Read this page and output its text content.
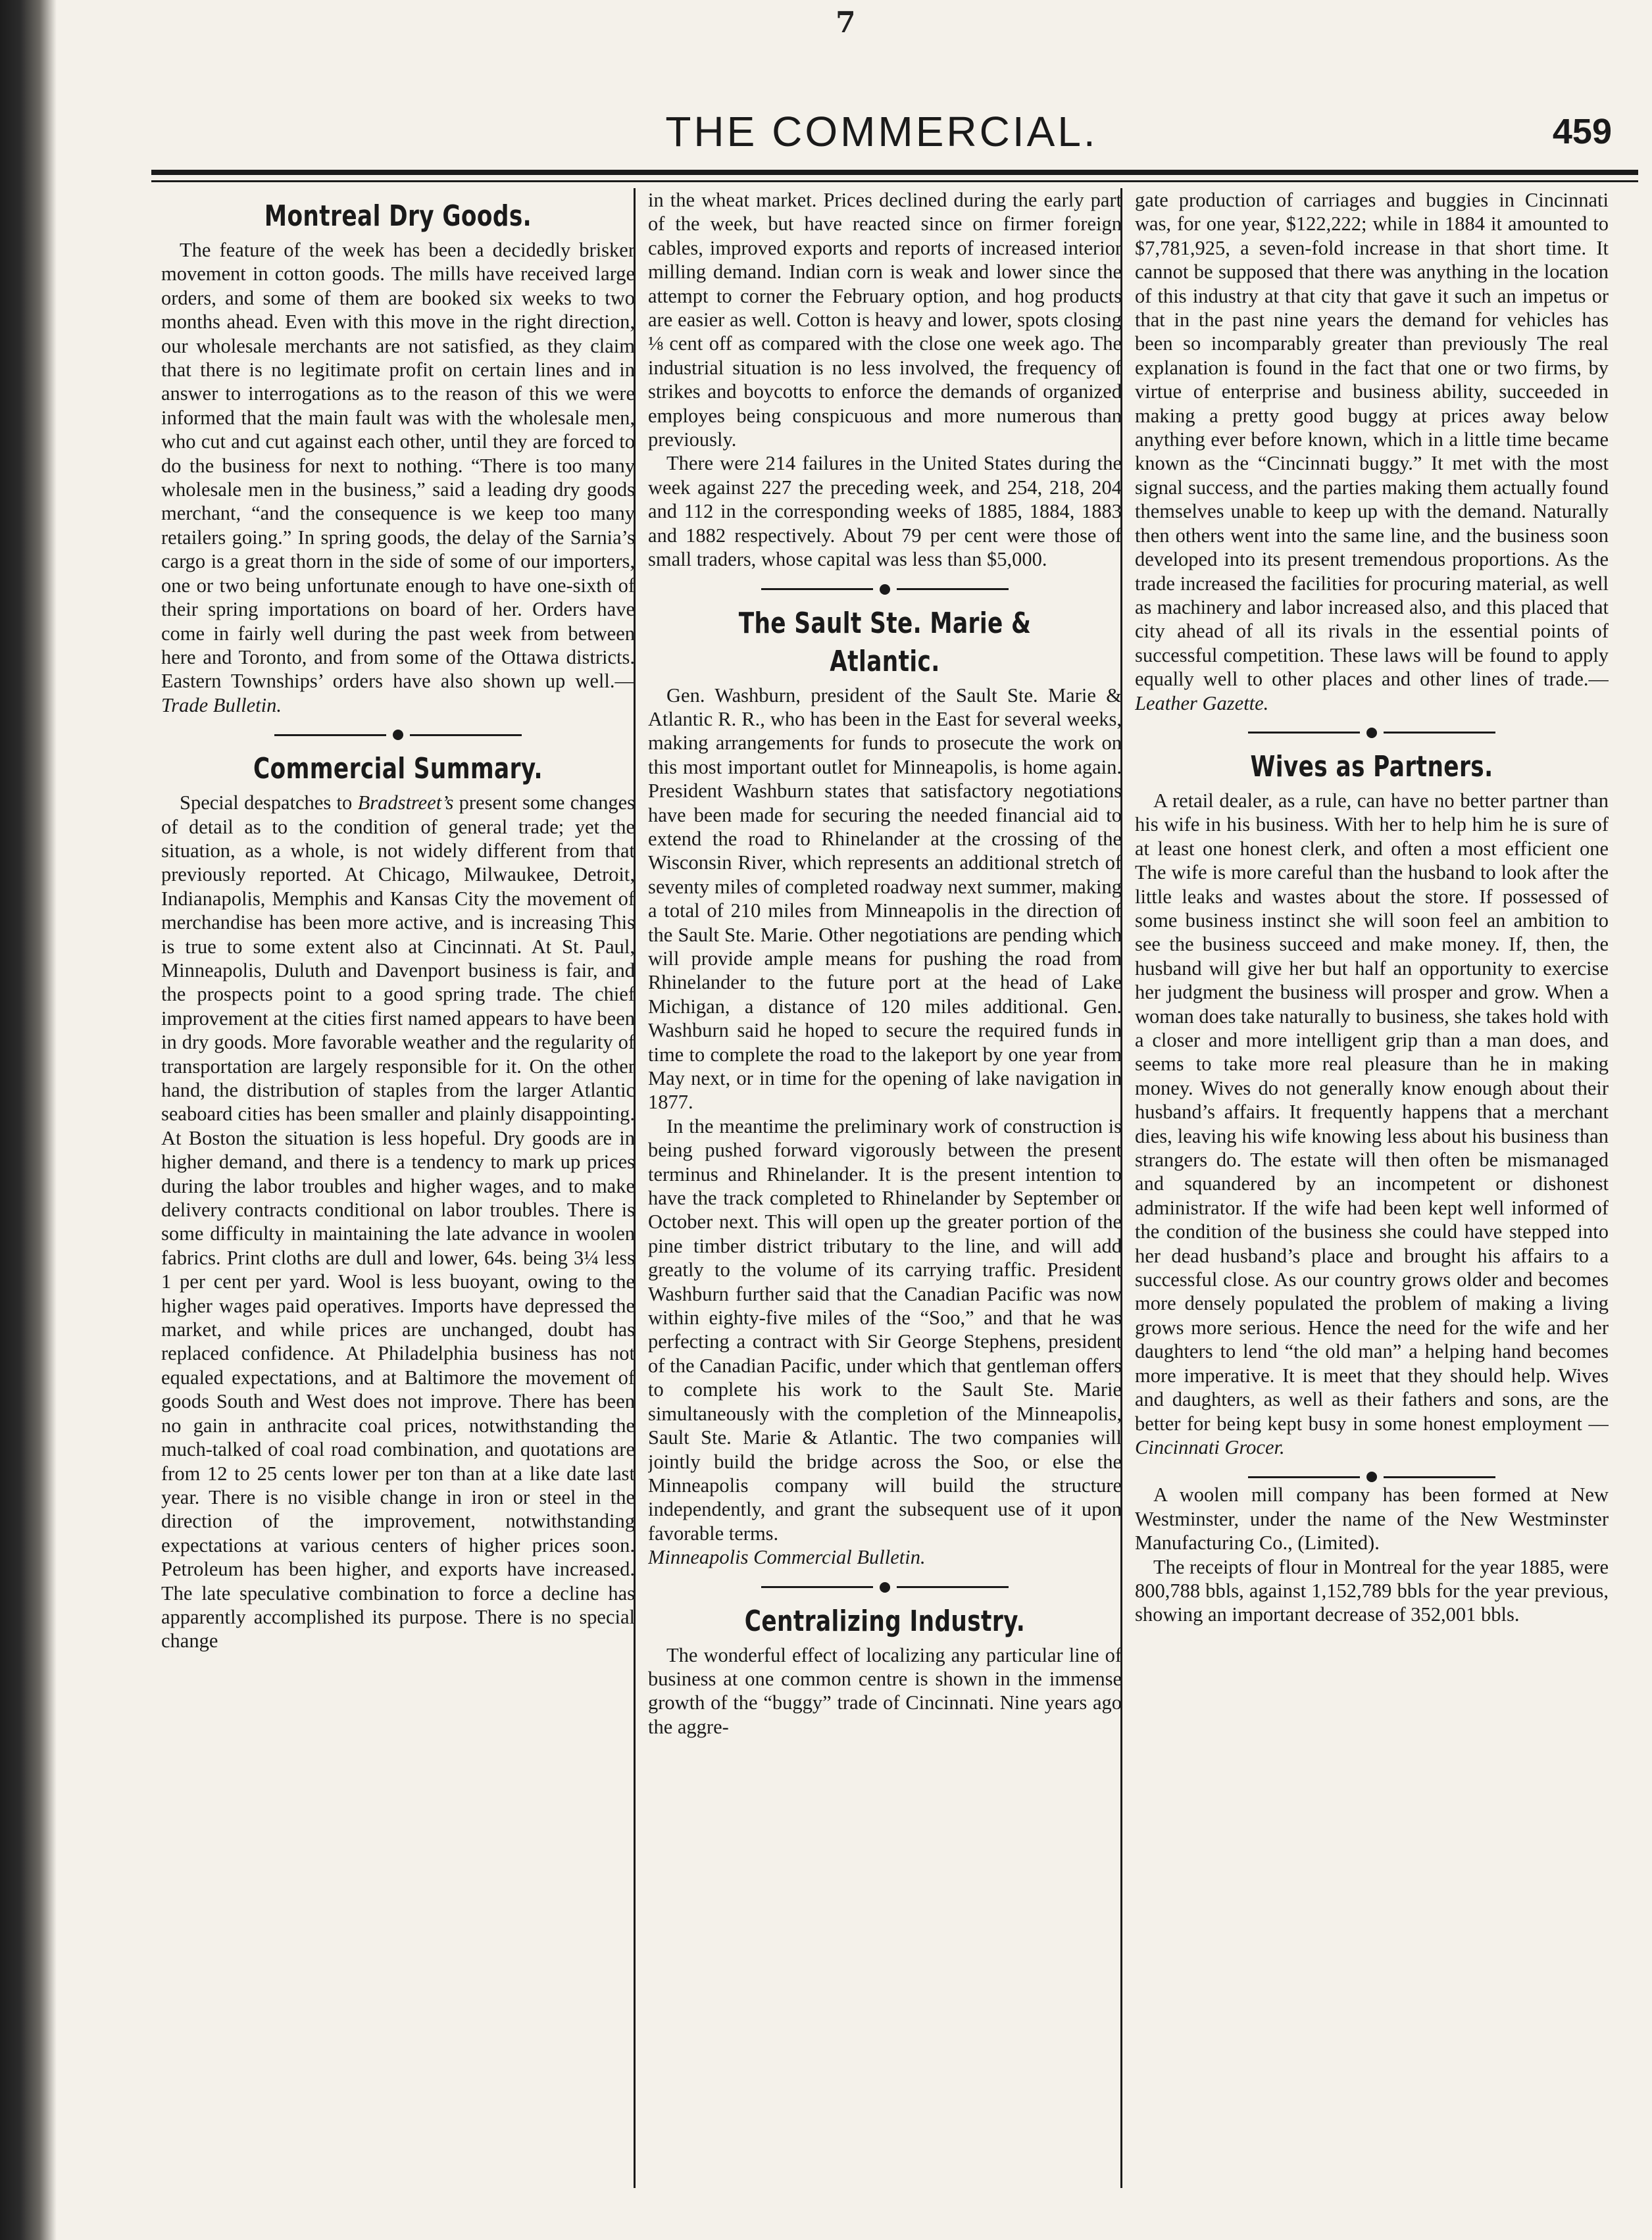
7
THE COMMERCIAL.	459
Montreal Dry Goods.

The feature of the week has been a decidedly brisker movement in cotton goods. The mills have received large orders, and some of them are booked six weeks to two months ahead. Even with this move in the right direction, our wholesale merchants are not satisfied, as they claim that there is no legitimate profit on certain lines and in answer to interrogations as to the reason of this we were informed that the main fault was with the wholesale men, who cut and cut against each other, until they are forced to do the business for next to nothing. “There is too many wholesale men in the business,” said a leading dry goods merchant, “and the consequence is we keep too many retailers going.” In spring goods, the delay of the Sarnia’s cargo is a great thorn in the side of some of our importers, one or two being unfortunate enough to have one-sixth of their spring importations on board of her. Orders have come in fairly well during the past week from between here and Toronto, and from some of the Ottawa districts. Eastern Townships’ orders have also shown up well.—Trade Bulletin.

Commercial Summary.

Special despatches to Bradstreet’s present some changes of detail as to the condition of general trade; yet the situation, as a whole, is not widely different from that previously reported. At Chicago, Milwaukee, Detroit, Indianapolis, Memphis and Kansas City the movement of merchandise has been more active, and is increasing This is true to some extent also at Cincinnati. At St. Paul, Minneapolis, Duluth and Davenport business is fair, and the prospects point to a good spring trade. The chief improvement at the cities first named appears to have been in dry goods. More favorable weather and the regularity of transportation are largely responsible for it. On the other hand, the distribution of staples from the larger Atlantic seaboard cities has been smaller and plainly disappointing. At Boston the situation is less hopeful. Dry goods are in higher demand, and there is a tendency to mark up prices during the labor troubles and higher wages, and to make delivery contracts conditional on labor troubles. There is some difficulty in maintaining the late advance in woolen fabrics. Print cloths are dull and lower, 64s. being 3¼ less 1 per cent per yard. Wool is less buoyant, owing to the higher wages paid operatives. Imports have depressed the market, and while prices are unchanged, doubt has replaced confidence. At Philadelphia business has not equaled expectations, and at Baltimore the movement of goods South and West does not improve. There has been no gain in anthracite coal prices, notwithstanding the much-talked of coal road combination, and quotations are from 12 to 25 cents lower per ton than at a like date last year. There is no visible change in iron or steel in the direction of the improvement, notwithstanding expectations at various centers of higher prices soon. Petroleum has been higher, and exports have increased. The late speculative combination to force a decline has apparently accomplished its purpose. There is no special change

in the wheat market. Prices declined during the early part of the week, but have reacted since on firmer foreign cables, improved exports and reports of increased interior milling demand. Indian corn is weak and lower since the attempt to corner the February option, and hog products are easier as well. Cotton is heavy and lower, spots closing ⅛ cent off as compared with the close one week ago. The industrial situation is no less involved, the frequency of strikes and boycotts to enforce the demands of organized employes being conspicuous and more numerous than previously.

There were 214 failures in the United States during the week against 227 the preceding week, and 254, 218, 204 and 112 in the corresponding weeks of 1885, 1884, 1883 and 1882 respectively. About 79 per cent were those of small traders, whose capital was less than $5,000.

The Sault Ste. Marie & Atlantic.

Gen. Washburn, president of the Sault Ste. Marie & Atlantic R. R., who has been in the East for several weeks, making arrangements for funds to prosecute the work on this most important outlet for Minneapolis, is home again. President Washburn states that satisfactory negotiations have been made for securing the needed financial aid to extend the road to Rhinelander at the crossing of the Wisconsin River, which represents an additional stretch of seventy miles of completed roadway next summer, making a total of 210 miles from Minneapolis in the direction of the Sault Ste. Marie. Other negotiations are pending which will provide ample means for pushing the road from Rhinelander to the future port at the head of Lake Michigan, a distance of 120 miles additional. Gen. Washburn said he hoped to secure the required funds in time to complete the road to the lakeport by one year from May next, or in time for the opening of lake navigation in 1877.

In the meantime the preliminary work of construction is being pushed forward vigorously between the present terminus and Rhinelander. It is the present intention to have the track completed to Rhinelander by September or October next. This will open up the greater portion of the pine timber district tributary to the line, and will add greatly to the volume of its carrying traffic. President Washburn further said that the Canadian Pacific was now within eighty-five miles of the “Soo,” and that he was perfecting a contract with Sir George Stephens, president of the Canadian Pacific, under which that gentleman offers to complete his work to the Sault Ste. Marie simultaneously with the completion of the Minneapolis, Sault Ste. Marie & Atlantic. The two companies will jointly build the bridge across the Soo, or else the Minneapolis company will build the structure independently, and grant the subsequent use of it upon favorable terms.

Minneapolis Commercial Bulletin.

Centralizing Industry.

The wonderful effect of localizing any particular line of business at one common centre is shown in the immense growth of the “buggy” trade of Cincinnati. Nine years ago the aggre-

gate production of carriages and buggies in Cincinnati was, for one year, $122,222; while in 1884 it amounted to $7,781,925, a seven-fold increase in that short time. It cannot be supposed that there was anything in the location of this industry at that city that gave it such an impetus or that in the past nine years the demand for vehicles has been so incomparably greater than previously The real explanation is found in the fact that one or two firms, by virtue of enterprise and business ability, succeeded in making a pretty good buggy at prices away below anything ever before known, which in a little time became known as the “Cincinnati buggy.” It met with the most signal success, and the parties making them actually found themselves unable to keep up with the demand. Naturally then others went into the same line, and the business soon developed into its present tremendous proportions. As the trade increased the facilities for procuring material, as well as machinery and labor increased also, and this placed that city ahead of all its rivals in the essential points of successful competition. These laws will be found to apply equally well to other places and other lines of trade.—Leather Gazette.

Wives as Partners.

A retail dealer, as a rule, can have no better partner than his wife in his business. With her to help him he is sure of at least one honest clerk, and often a most efficient one The wife is more careful than the husband to look after the little leaks and wastes about the store. If possessed of some business instinct she will soon feel an ambition to see the business succeed and make money. If, then, the husband will give her but half an opportunity to exercise her judgment the business will prosper and grow. When a woman does take naturally to business, she takes hold with a closer and more intelligent grip than a man does, and seems to take more real pleasure than he in making money. Wives do not generally know enough about their husband’s affairs. It frequently happens that a merchant dies, leaving his wife knowing less about his business than strangers do. The estate will then often be mismanaged and squandered by an incompetent or dishonest administrator. If the wife had been kept well informed of the condition of the business she could have stepped into her dead husband’s place and brought his affairs to a successful close. As our country grows older and becomes more densely populated the problem of making a living grows more serious. Hence the need for the wife and her daughters to lend “the old man” a helping hand becomes more imperative. It is meet that they should help. Wives and daughters, as well as their fathers and sons, are the better for being kept busy in some honest employment —Cincinnati Grocer.

A woolen mill company has been formed at New Westminster, under the name of the New Westminster Manufacturing Co., (Limited).

The receipts of flour in Montreal for the year 1885, were 800,788 bbls, against 1,152,789 bbls for the year previous, showing an important decrease of 352,001 bbls.
